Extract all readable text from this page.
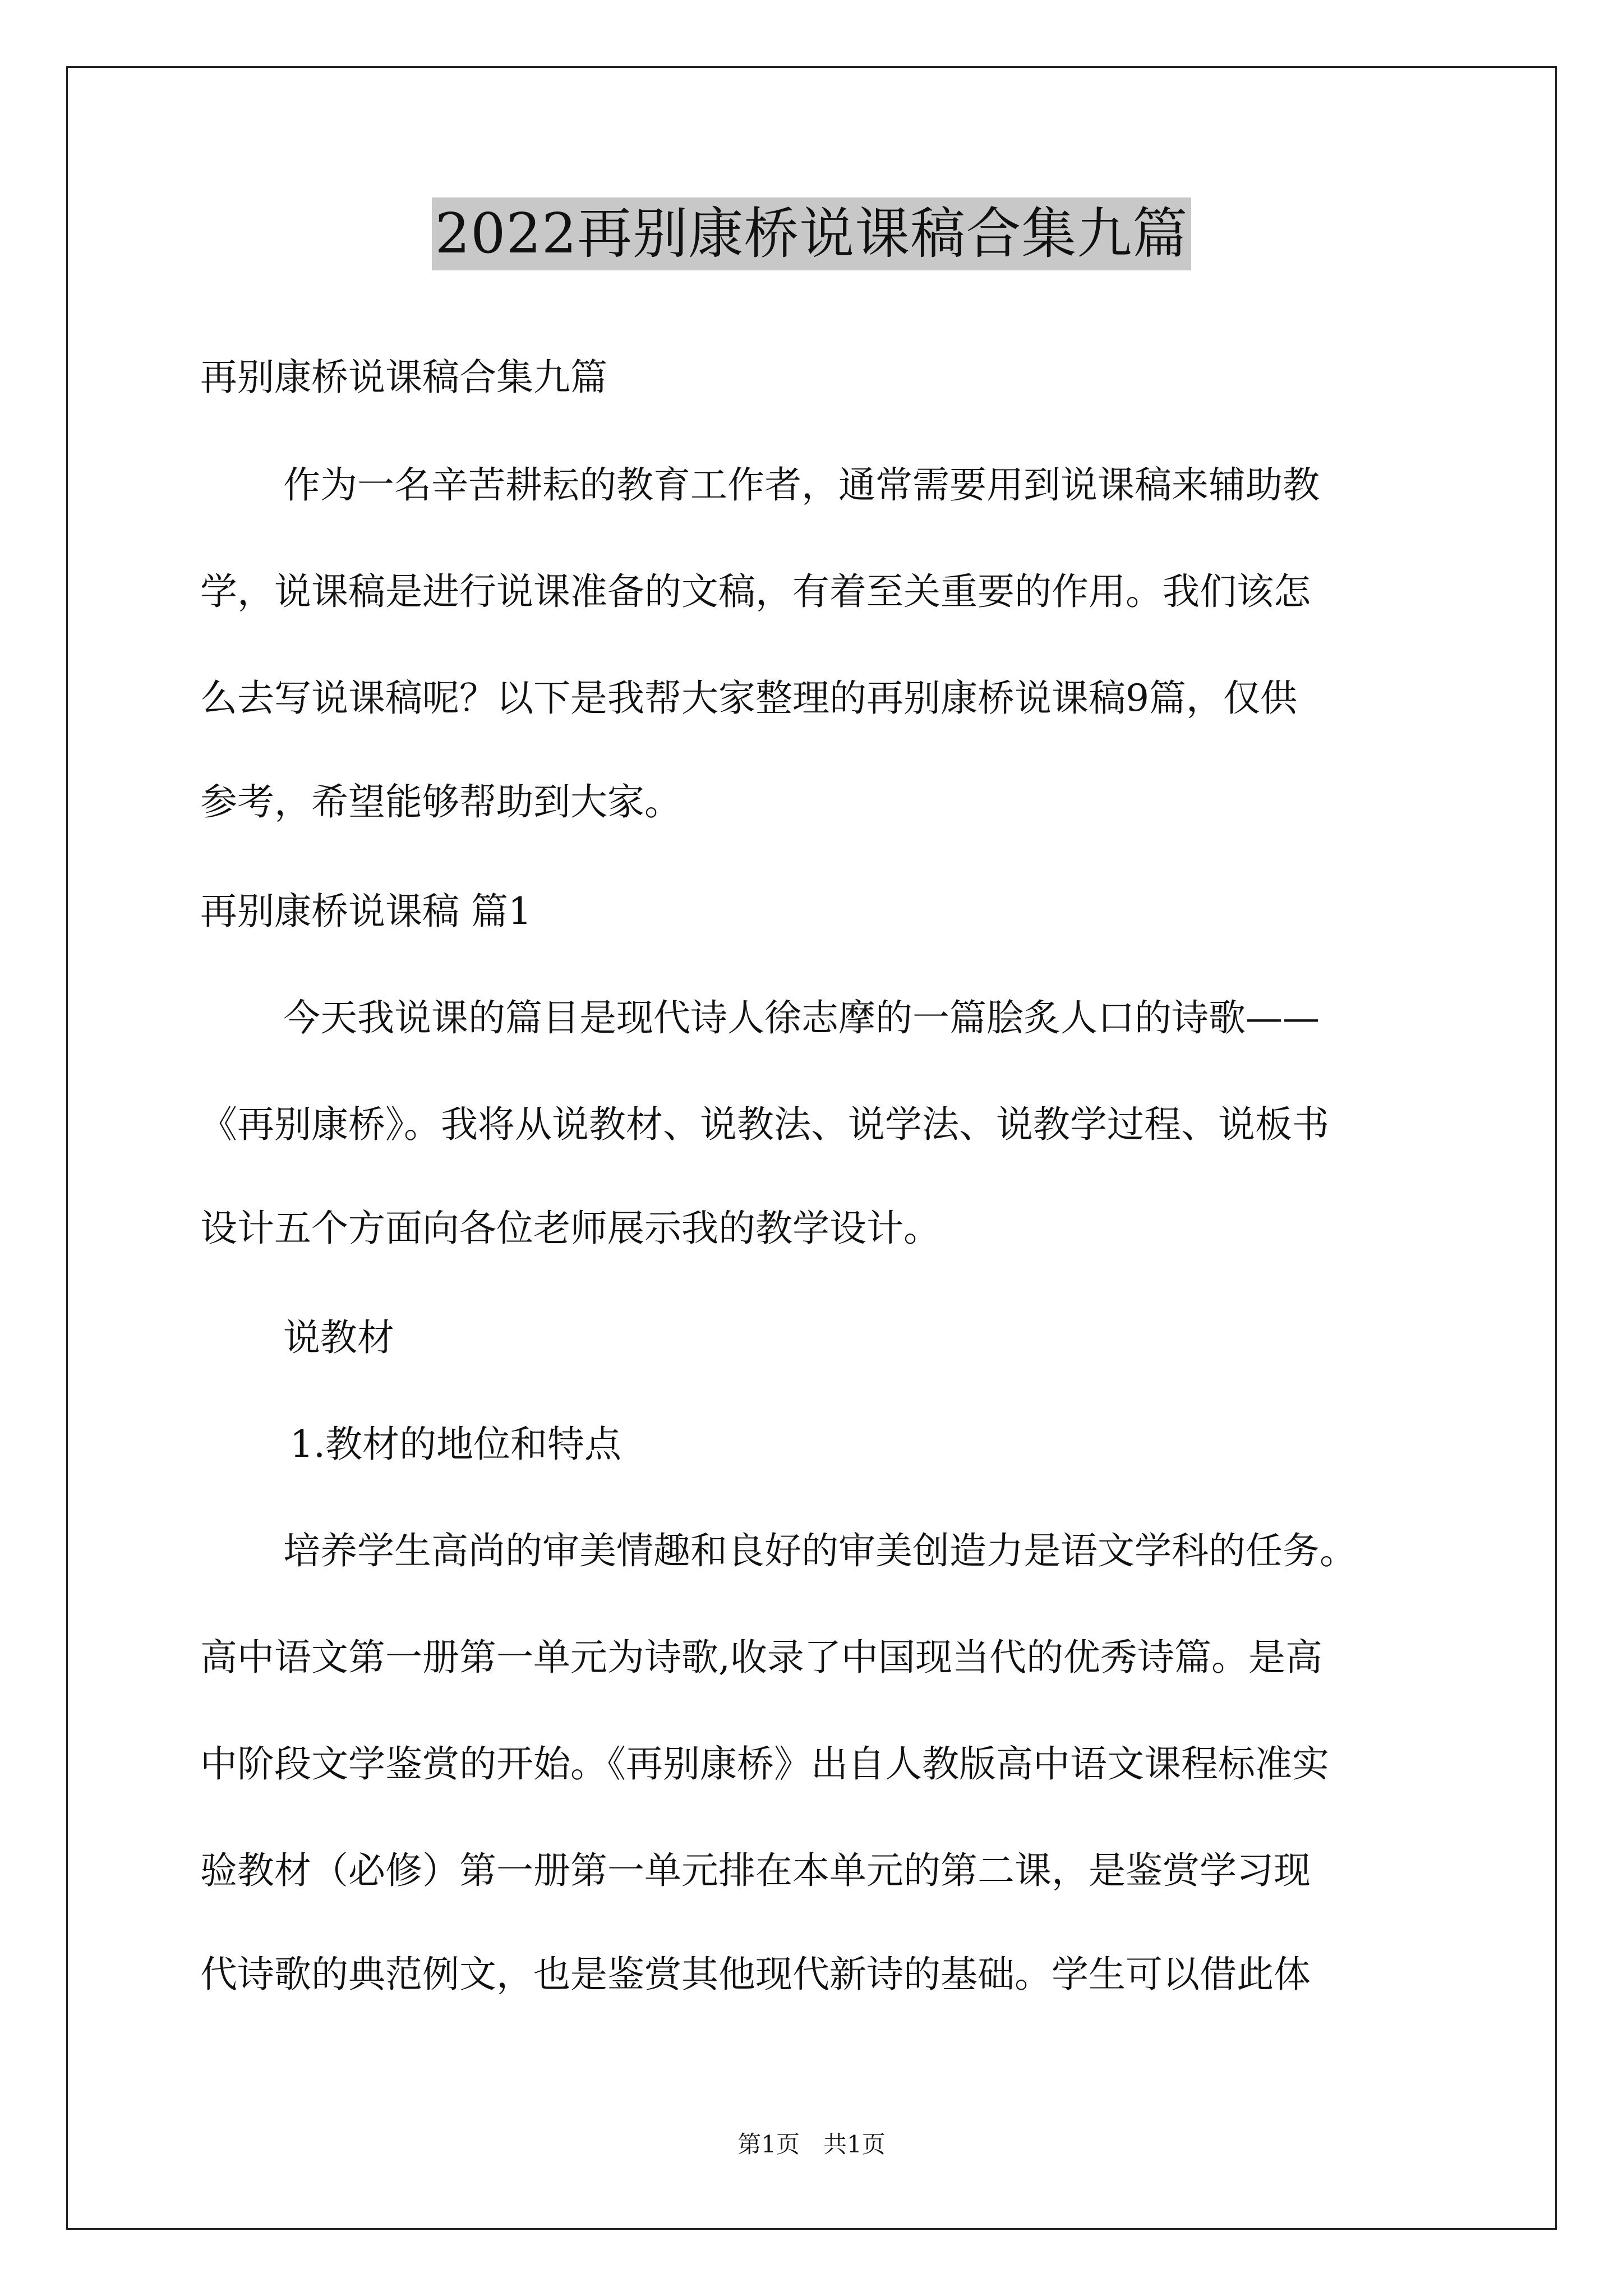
2022再别康桥说课稿合集九篇
再别康桥说课稿合集九篇
作为一名辛苦耕耘的教育工作者，通常需要用到说课稿来辅助教
学，说课稿是进行说课准备的文稿，有着至关重要的作用。我们该怎
么去写说课稿呢？以下是我帮大家整理的再别康桥说课稿9篇，仅供
参考，希望能够帮助到大家。
再别康桥说课稿 篇1
今天我说课的篇目是现代诗人徐志摩的一篇脍炙人口的诗歌——
《再别康桥》。我将从说教材、说教法、说学法、说教学过程、说板书
设计五个方面向各位老师展示我的教学设计。
说教材
1.教材的地位和特点
培养学生高尚的审美情趣和良好的审美创造力是语文学科的任务。
高中语文第一册第一单元为诗歌,收录了中国现当代的优秀诗篇。是高
中阶段文学鉴赏的开始。《再别康桥》出自人教版高中语文课程标准实
验教材（必修）第一册第一单元排在本单元的第二课，是鉴赏学习现
代诗歌的典范例文，也是鉴赏其他现代新诗的基础。学生可以借此体
第1页　共1页
